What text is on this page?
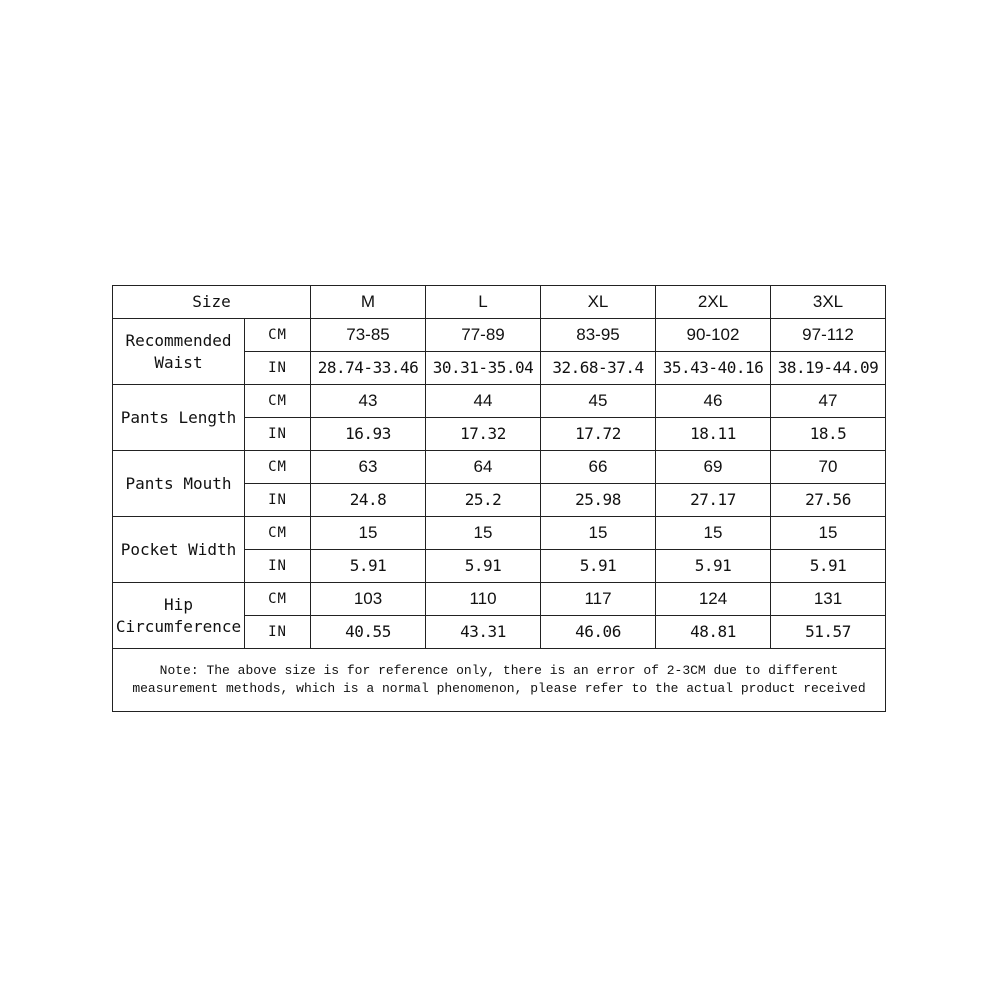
Size		M	L	XL	2XL	3XL
Recommended Waist	CM	73-85	77-89	83-95	90-102	97-112
	IN	28.74-33.46	30.31-35.04	32.68-37.4	35.43-40.16	38.19-44.09
Pants Length	CM	43	44	45	46	47
	IN	16.93	17.32	17.72	18.11	18.5
Pants Mouth	CM	63	64	66	69	70
	IN	24.8	25.2	25.98	27.17	27.56
Pocket Width	CM	15	15	15	15	15
	IN	5.91	5.91	5.91	5.91	5.91
Hip Circumference	CM	103	110	117	124	131
	IN	40.55	43.31	46.06	48.81	51.57
Note: The above size is for reference only, there is an error of 2-3CM due to different measurement methods, which is a normal phenomenon, please refer to the actual product received						
